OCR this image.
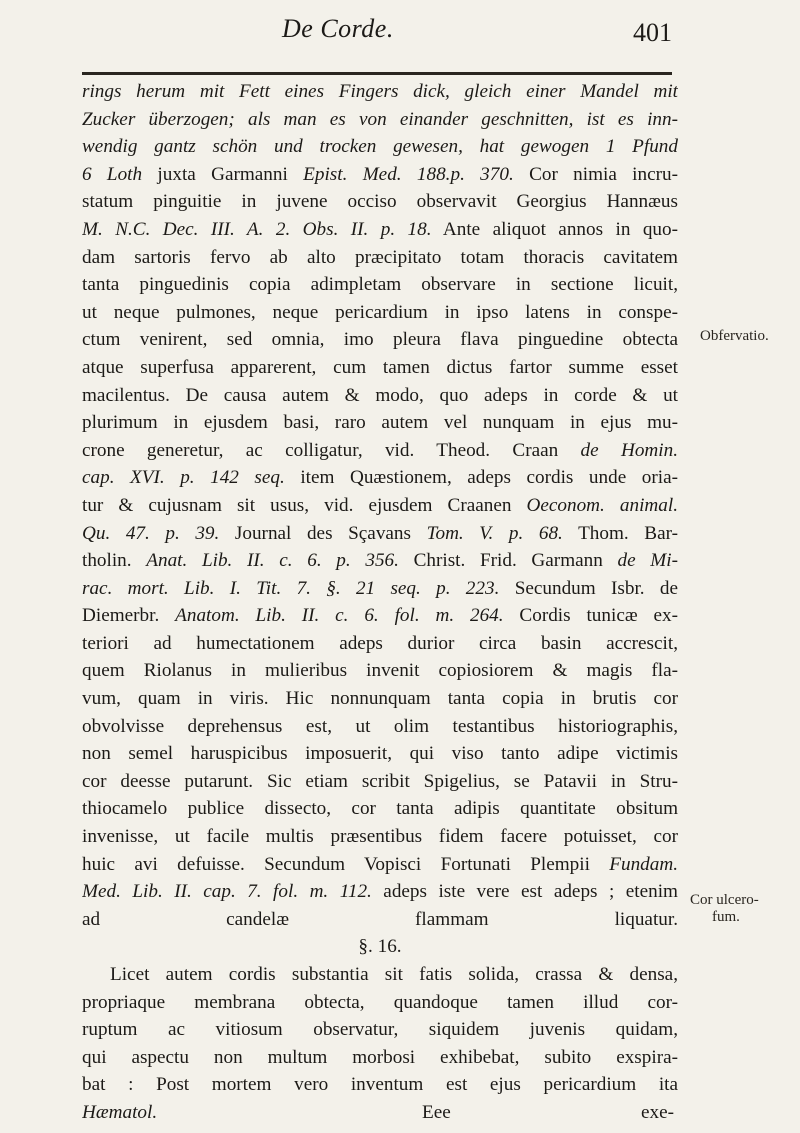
De Corde.	401
rings herum mit Fett eines Fingers dick, gleich einer Mandel mit
Zucker überzogen; als man es von einander geschnitten, ist es inn-
wendig gantz schön und trocken gewesen, hat gewogen 1 Pfund
6 Loth juxta Garmanni Epist. Med. 188.p. 370. Cor nimia incru-
statum pinguitie in juvene occiso observavit Georgius Hannæus
M. N.C. Dec. III. A. 2. Obs. II. p. 18. Ante aliquot annos in quo-
dam sartoris fervo ab alto præcipitato totam thoracis cavitatem
tanta pinguedinis copia adimpletam observare in sectione licuit,
ut neque pulmones, neque pericardium in ipso latens in conspe-
ctum venirent, sed omnia, imo pleura flava pinguedine obtecta
atque superfusa apparerent, cum tamen dictus fartor summe esset
macilentus. De causa autem & modo, quo adeps in corde & ut
plurimum in ejusdem basi, raro autem vel nunquam in ejus mu-
crone generetur, ac colligatur, vid. Theod. Craan de Homin.
cap. XVI. p. 142 seq. item Quæstionem, adeps cordis unde oria-
tur & cujusnam sit usus, vid. ejusdem Craanen Oeconom. animal.
Qu. 47. p. 39. Journal des Sçavans Tom. V. p. 68. Thom. Bar-
tholin. Anat. Lib. II. c. 6. p. 356. Christ. Frid. Garmann de Mi-
rac. mort. Lib. I. Tit. 7. §. 21 seq. p. 223. Secundum Isbr. de
Diemerbr. Anatom. Lib. II. c. 6. fol. m. 264. Cordis tunicæ ex-
teriori ad humectationem adeps durior circa basin accrescit,
quem Riolanus in mulieribus invenit copiosiorem & magis fla-
vum, quam in viris. Hic nonnunquam tanta copia in brutis cor
obvolvisse deprehensus est, ut olim testantibus historiographis,
non semel haruspicibus imposuerit, qui viso tanto adipe victimis
cor deesse putarunt. Sic etiam scribit Spigelius, se Patavii in Stru-
thiocamelo publice dissecto, cor tanta adipis quantitate obsitum
invenisse, ut facile multis præsentibus fidem facere potuisset, cor
huic avi defuisse. Secundum Vopisci Fortunati Plempii Fundam.
Med. Lib. II. cap. 7. fol. m. 112. adeps iste vere est adeps ; etenim
ad candelæ flammam liquatur.
§. 16.
Licet autem cordis substantia sit fatis solida, crassa & densa,
propriaque membrana obtecta, quandoque tamen illud cor-
ruptum ac vitiosum observatur, siquidem juvenis quidam,
qui aspectu non multum morbosi exhibebat, subito exspira-
bat : Post mortem vero inventum est ejus pericardium ita
Hæmatol.	Eee	exe-
Obfervatio.
Cor ulcero-
fum.
